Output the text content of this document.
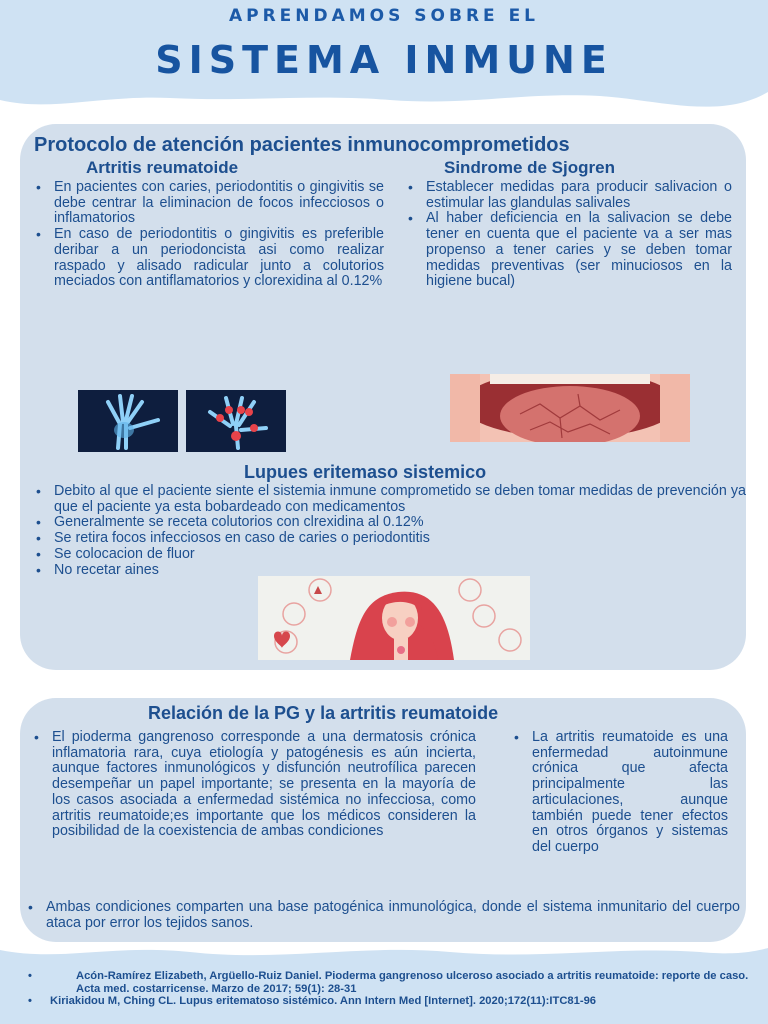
APRENDAMOS SOBRE EL
SISTEMA INMUNE
Protocolo de atención pacientes inmunocomprometidos
Artritis reumatoide	Sindrome de Sjogren
• En pacientes con caries, periodontitis o gingivitis se debe centrar la eliminacion de focos infecciosos o inflamatorios
• En caso de periodontitis o gingivitis es preferible deribar a un periodoncista asi como realizar raspado y alisado radicular junto a colutorios meciados con antiflamatorios y clorexidina al 0.12%
• Establecer medidas para producir salivacion o estimular las glandulas salivales
• Al haber deficiencia en la salivacion se debe tener en cuenta que el paciente va a ser mas propenso a tener caries y se deben tomar medidas preventivas (ser minuciosos en la higiene bucal)
Lupues eritemaso sistemico
• Debito al que el paciente siente el sistemia inmune comprometido se deben tomar medidas de prevención ya que el paciente ya esta bobardeado con medicamentos
• Generalmente se receta colutorios con clrexidina al 0.12%
• Se retira focos infecciosos en caso de caries o periodontitis
• Se colocacion de fluor
• No recetar aines
Relación de la PG y la artritis reumatoide
• El pioderma gangrenoso corresponde a una dermatosis crónica inflamatoria rara, cuya etiología y patogénesis es aún incierta, aunque factores inmunológicos y disfunción neutrofílica parecen desempeñar un papel importante; se presenta en la mayoría de los casos asociada a enfermedad sistémica no infecciosa, como artritis reumatoide;es importante que los médicos consideren la posibilidad de la coexistencia de ambas condiciones
• La artritis reumatoide es una enfermedad autoinmune crónica que afecta principalmente las articulaciones, aunque también puede tener efectos en otros órganos y sistemas del cuerpo
• Ambas condiciones comparten una base patogénica inmunológica, donde el sistema inmunitario del cuerpo ataca por error los tejidos sanos.
• Acón-Ramírez Elizabeth, Argüello-Ruiz Daniel. Pioderma gangrenoso ulceroso asociado a artritis reumatoide: reporte de caso. Acta med. costarricense. Marzo de 2017; 59(1): 28-31
• Kiriakidou M, Ching CL. Lupus eritematoso sistémico. Ann Intern Med [Internet]. 2020;172(11):ITC81-96
